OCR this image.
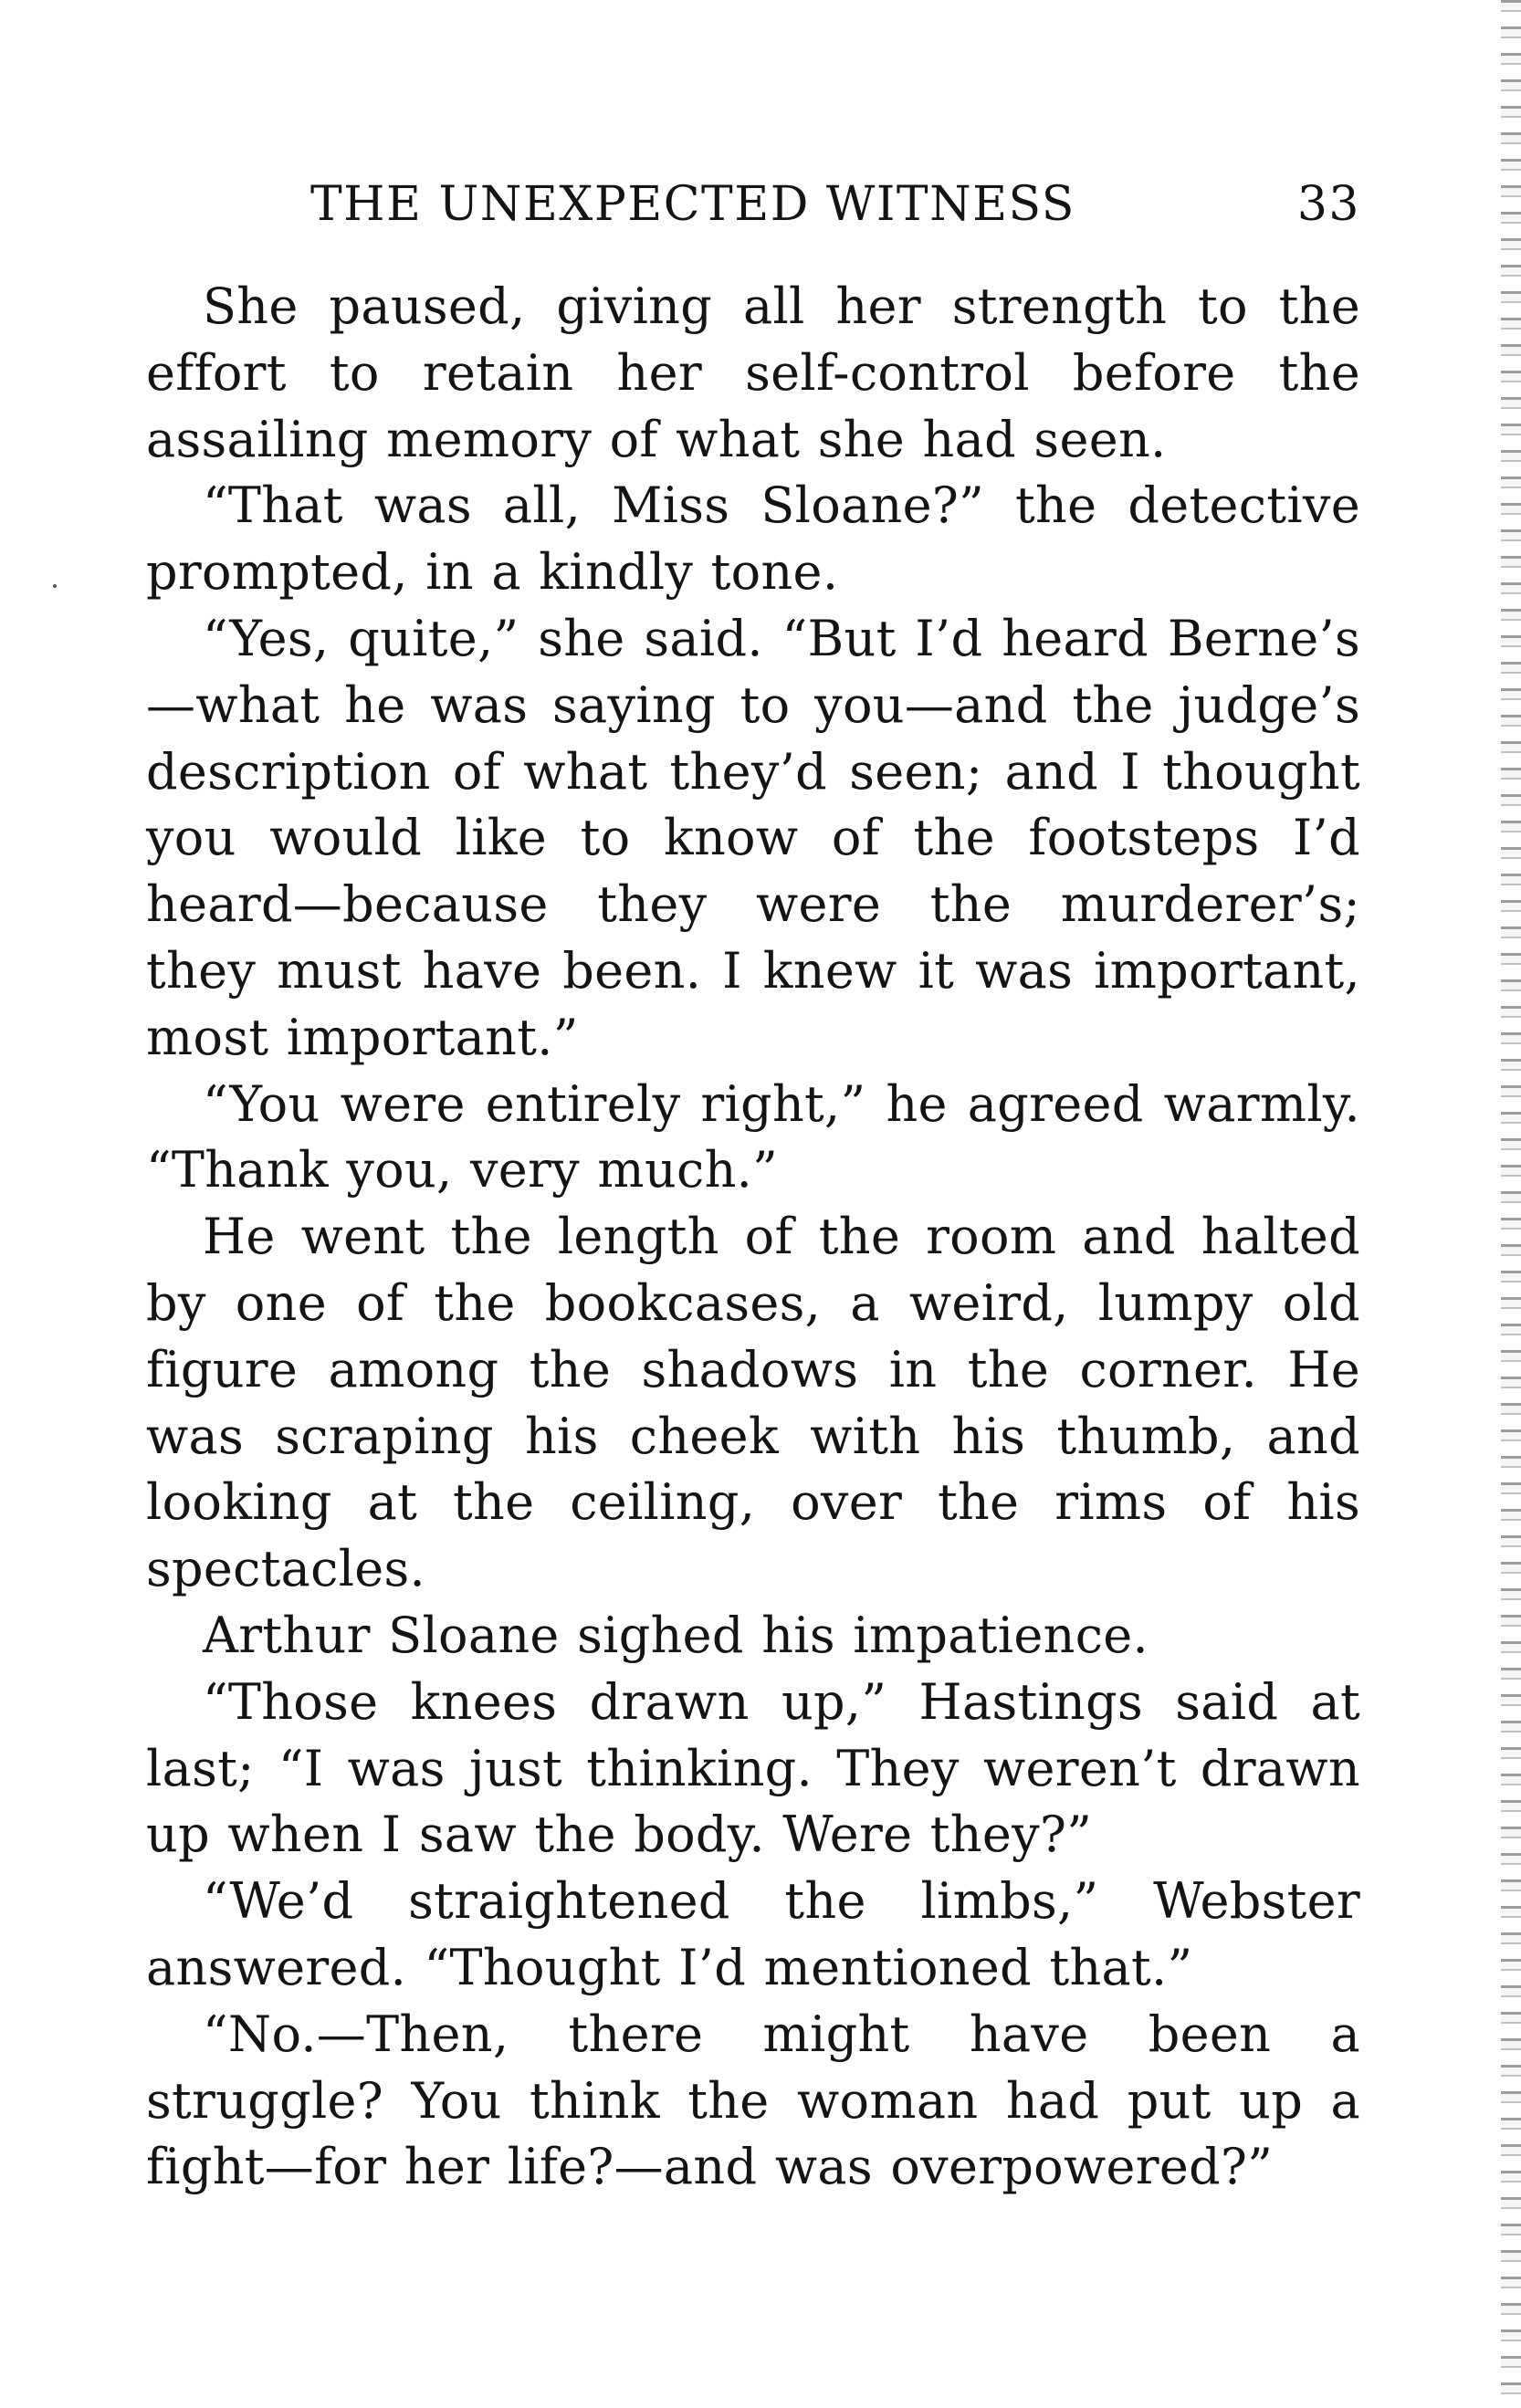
THE UNEXPECTED WITNESS	33

She paused, giving all her strength to the effort to retain her self-control before the assailing memory of what she had seen.

“That was all, Miss Sloane?” the detective prompted, in a kindly tone.

“Yes, quite,” she said. “But I’d heard Berne’s—what he was saying to you—and the judge’s description of what they’d seen; and I thought you would like to know of the footsteps I’d heard—because they were the murderer’s; they must have been. I knew it was important, most important.”

“You were entirely right,” he agreed warmly. “Thank you, very much.”

He went the length of the room and halted by one of the bookcases, a weird, lumpy old figure among the shadows in the corner. He was scraping his cheek with his thumb, and looking at the ceiling, over the rims of his spectacles.

Arthur Sloane sighed his impatience.

“Those knees drawn up,” Hastings said at last; “I was just thinking. They weren’t drawn up when I saw the body. Were they?”

“We’d straightened the limbs,” Webster answered. “Thought I’d mentioned that.”

“No.—Then, there might have been a struggle? You think the woman had put up a fight—for her life?—and was overpowered?”
